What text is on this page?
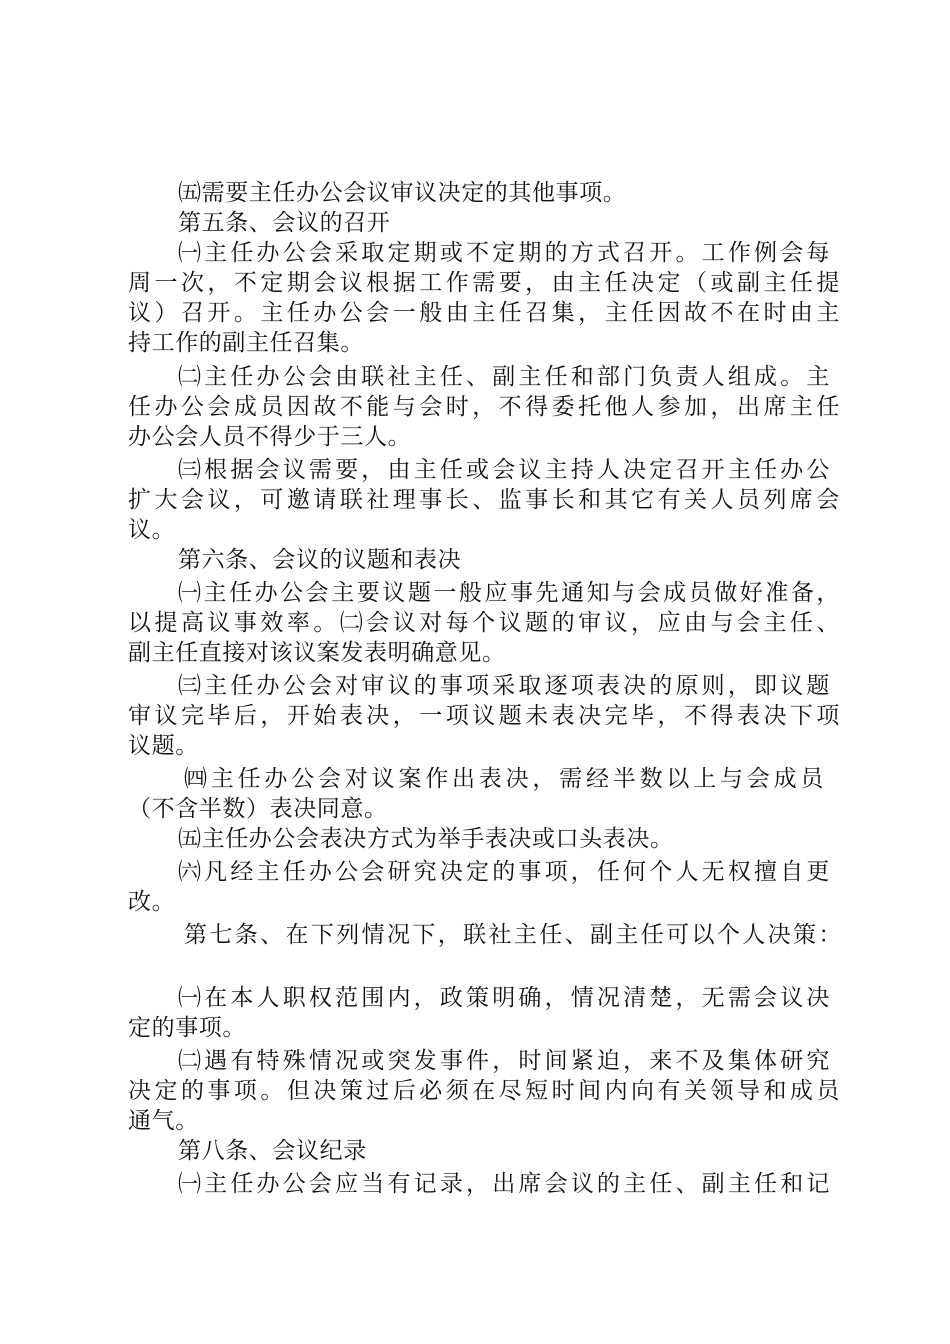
㈤需要主任办公会议审议决定的其他事项。
第五条、会议的召开
㈠主任办公会采取定期或不定期的方式召开。工作例会每
周一次，不定期会议根据工作需要，由主任决定（或副主任提
议）召开。主任办公会一般由主任召集，主任因故不在时由主
持工作的副主任召集。
㈡主任办公会由联社主任、副主任和部门负责人组成。主
任办公会成员因故不能与会时，不得委托他人参加，出席主任
办公会人员不得少于三人。
㈢根据会议需要，由主任或会议主持人决定召开主任办公
扩大会议，可邀请联社理事长、监事长和其它有关人员列席会
议。
第六条、会议的议题和表决
㈠主任办公会主要议题一般应事先通知与会成员做好准备，
以提高议事效率。㈡会议对每个议题的审议，应由与会主任、
副主任直接对该议案发表明确意见。
㈢主任办公会对审议的事项采取逐项表决的原则，即议题
审议完毕后，开始表决，一项议题未表决完毕，不得表决下项
议题。
㈣主任办公会对议案作出表决，需经半数以上与会成员
（不含半数）表决同意。
㈤主任办公会表决方式为举手表决或口头表决。
㈥凡经主任办公会研究决定的事项，任何个人无权擅自更
改。
第七条、在下列情况下，联社主任、副主任可以个人决策：
㈠在本人职权范围内，政策明确，情况清楚，无需会议决
定的事项。
㈡遇有特殊情况或突发事件，时间紧迫，来不及集体研究
决定的事项。但决策过后必须在尽短时间内向有关领导和成员
通气。
第八条、会议纪录
㈠主任办公会应当有记录，出席会议的主任、副主任和记
